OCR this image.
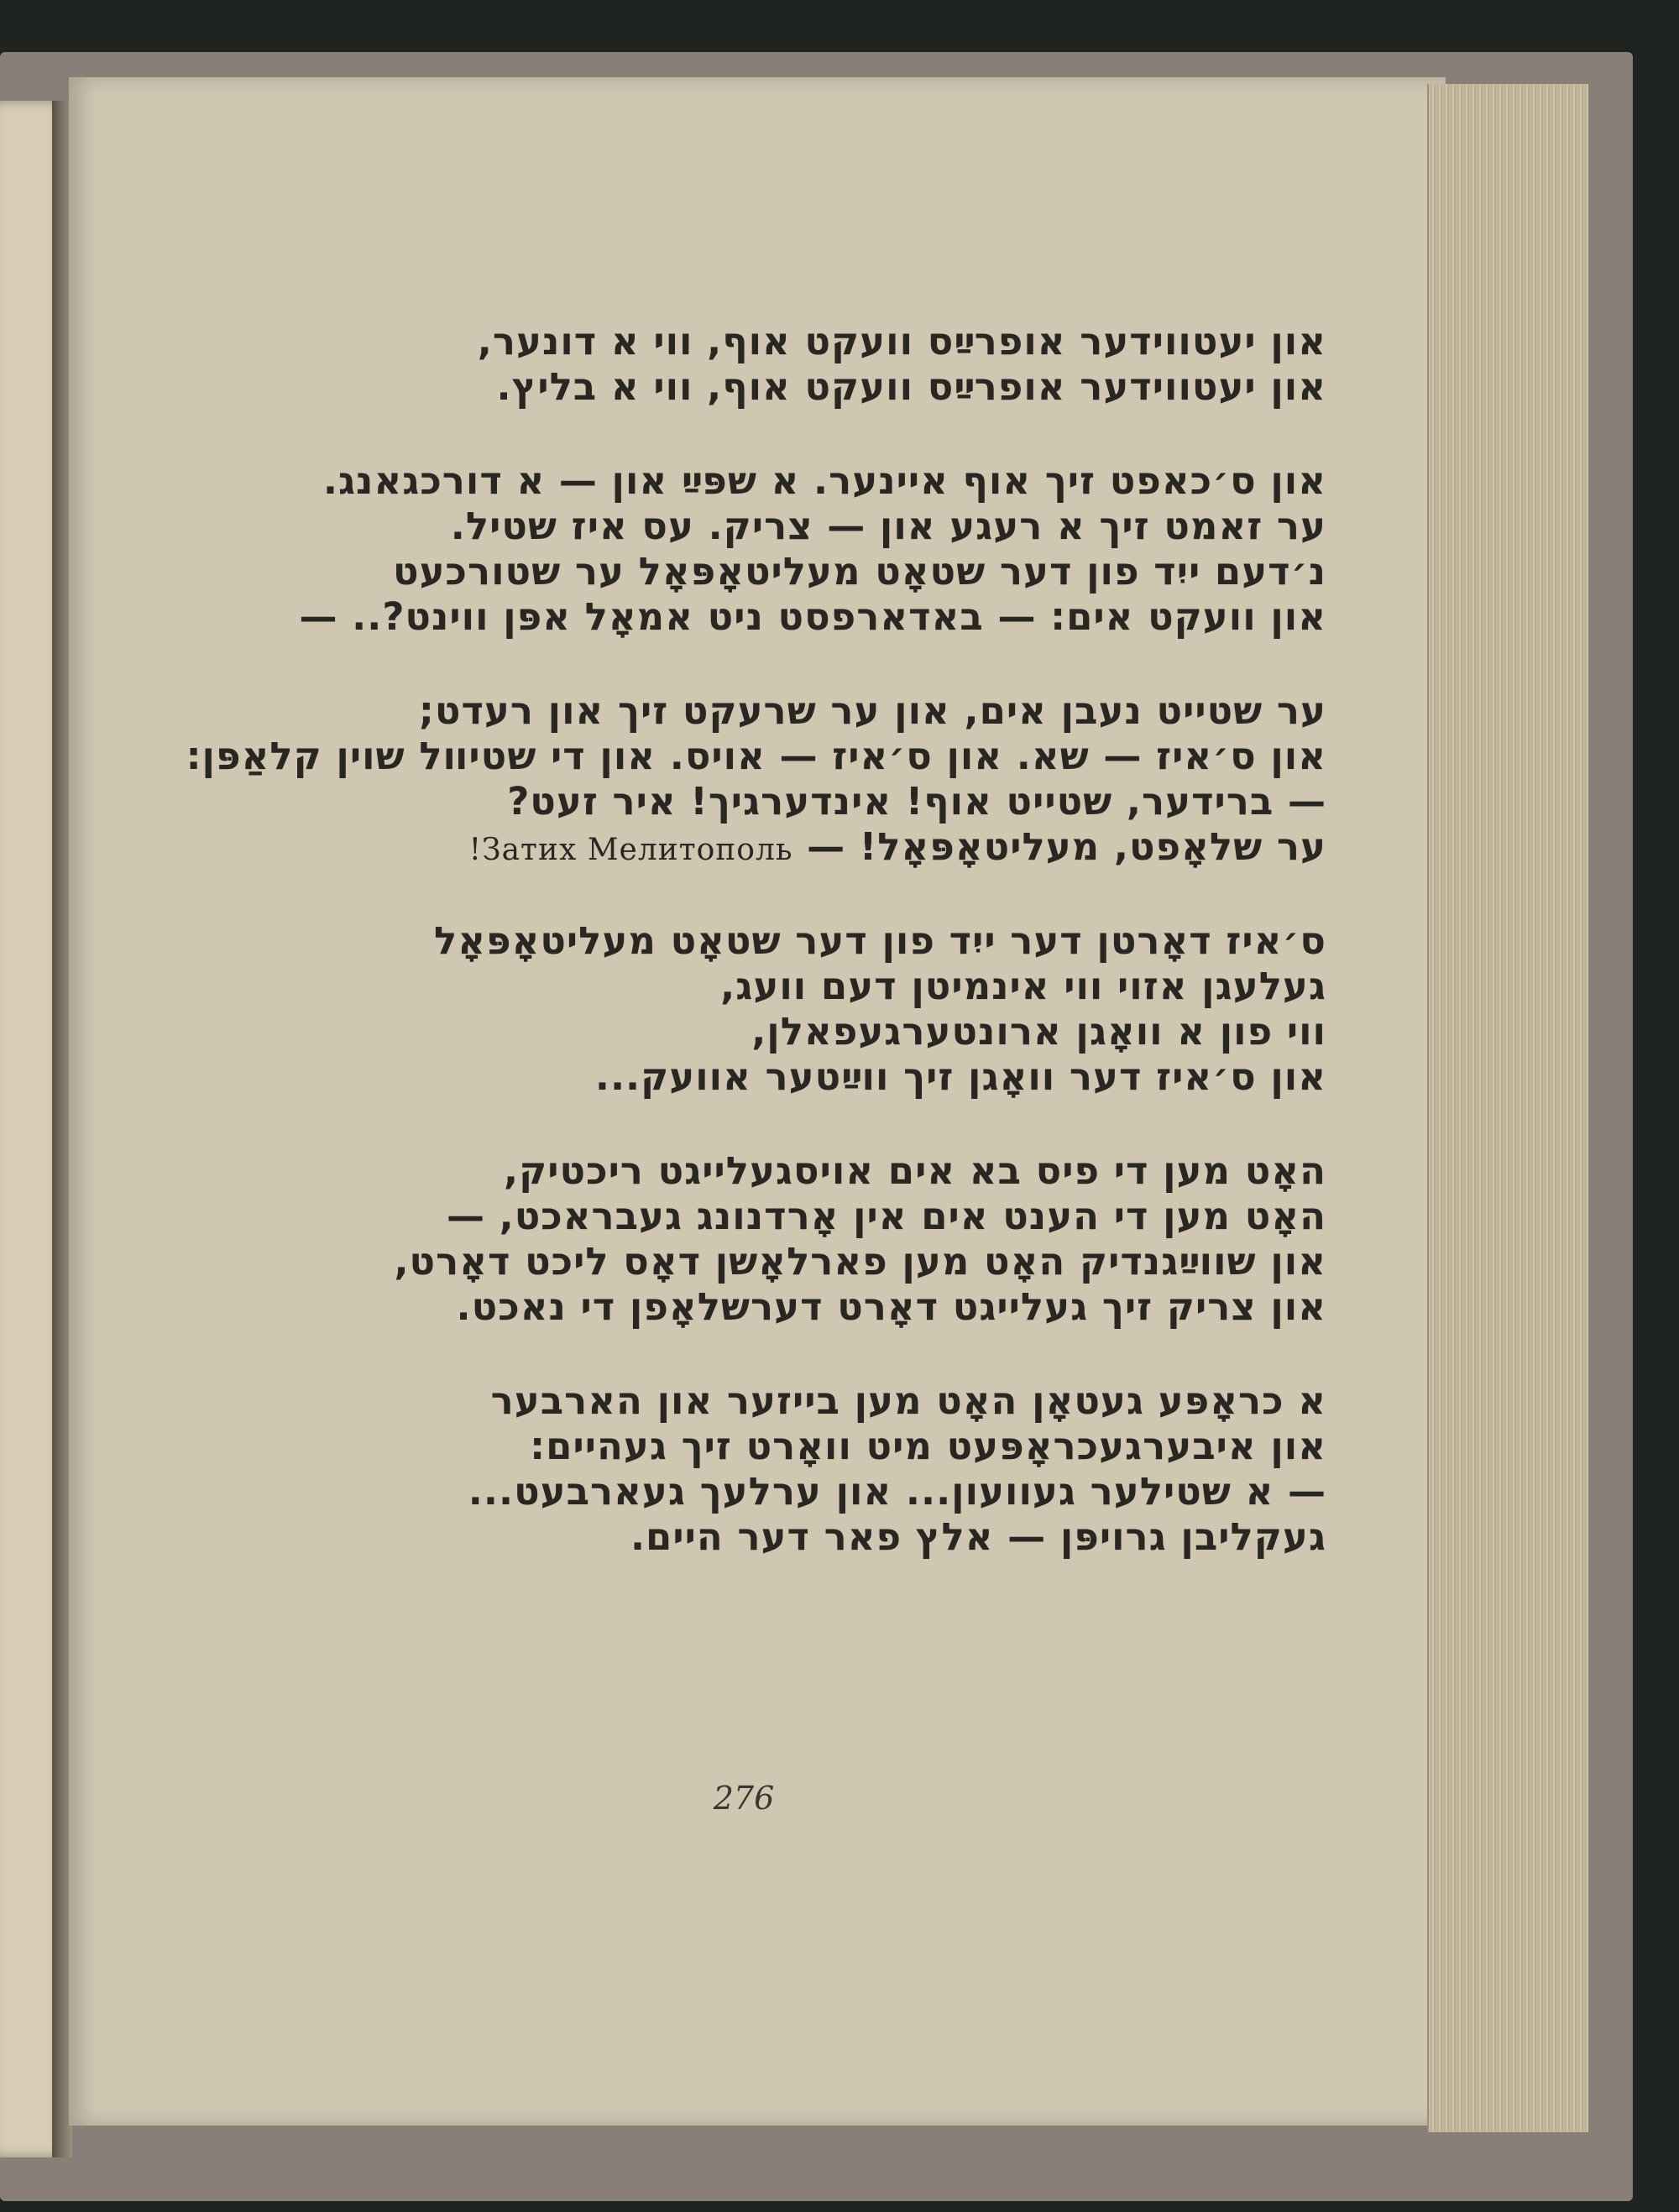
און יעטווידער אופרײַס וועקט אוף, ווי א דונער,
און יעטווידער אופרײַס וועקט אוף, ווי א בליץ.
און ס׳כאפט זיך אוף איינער. א שפּײַ און — א דורכגאנג.
ער זאמט זיך א רעגע און — צריק. עס איז שטיל.
נ׳דעם ייִד פון דער שטאָט מעליטאָפּאָל ער שטורכעט
און וועקט אים: — באדארפסט ניט אמאָל אפּן ווינט?.. —
ער שטייט נעבן אים, און ער שרעקט זיך און רעדט;
און ס׳איז — שא. און ס׳איז — אויס. און די שטיװל שוין קלאַפּן:
— ברידער, שטייט אוף! אינדערגיך! איר זעט?
ער שלאָפט, מעליטאָפּאָל! — Затих Мелитополь!
ס׳איז דאָרטן דער ייִד פון דער שטאָט מעליטאָפּאָל
געלעגן אזוי ווי אינמיטן דעם וועג,
ווי פון א וואָגן ארונטערגעפאלן,
און ס׳איז דער וואָגן זיך ווײַטער אוועק...
האָט מען די פיס בא אים אויסגעלייגט ריכטיק,
האָט מען די הענט אים אין אָרדנונג געבראכט, —
און שווײַגנדיק האָט מען פארלאָשן דאָס ליכט דאָרט,
און צריק זיך געלייגט דאָרט דערשלאָפן די נאכט.
א כראָפּע געטאָן האָט מען בייזער און הארבער
און איבערגעכראָפּעט מיט וואָרט זיך געהיים:
— א שטילער געוועון... און ערלעך געארבעט...
געקליבן גרויפּן — אלץ פאר דער היים.
276
